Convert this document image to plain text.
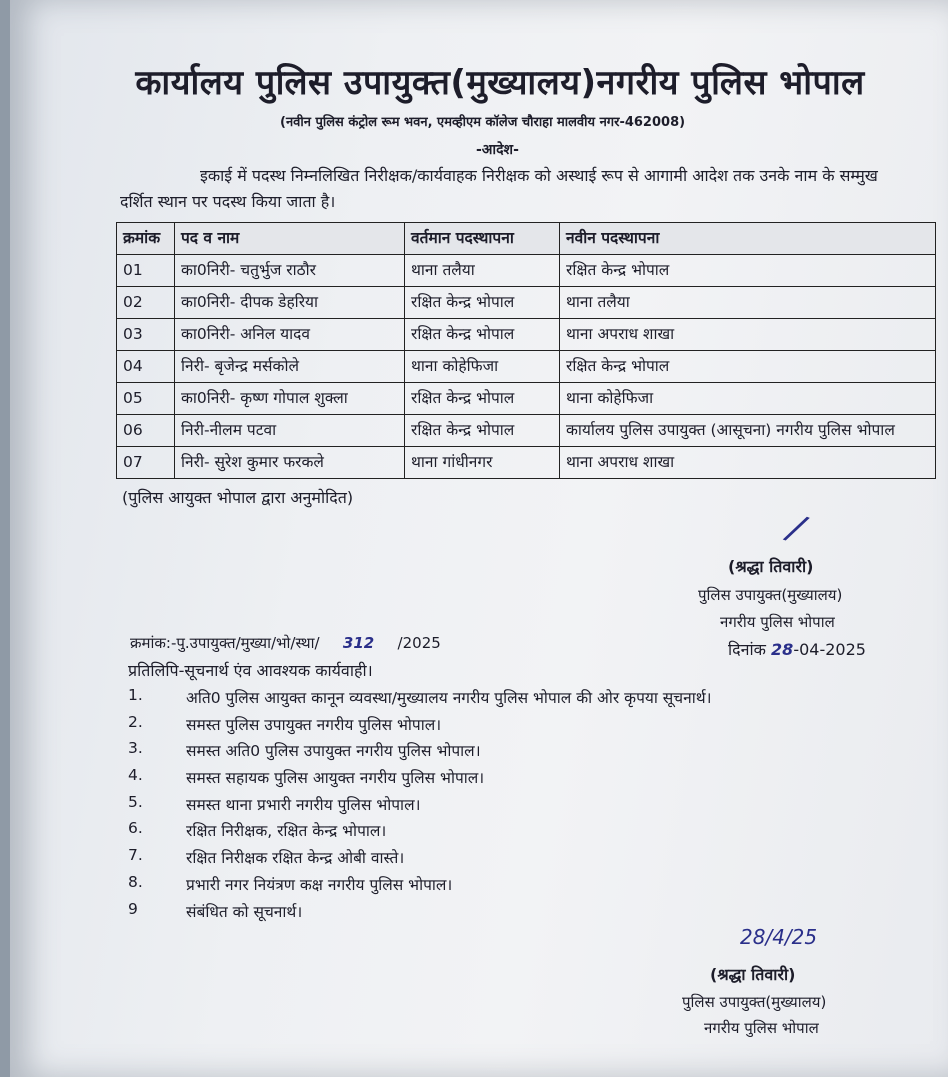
कार्यालय पुलिस उपायुक्त(मुख्यालय)नगरीय पुलिस भोपाल
(नवीन पुलिस कंट्रोल रूम भवन, एमव्हीएम कॉलेज चौराहा मालवीय नगर-462008)
-आदेश-
इकाई में पदस्थ निम्नलिखित निरीक्षक/कार्यवाहक निरीक्षक को अस्थाई रूप से आगामी आदेश तक उनके नाम के सम्मुख दर्शित स्थान पर पदस्थ किया जाता है।
क्रमांक	पद व नाम	वर्तमान पदस्थापना	नवीन पदस्थापना
01	का0निरी- चतुर्भुज राठौर	थाना तलैया	रक्षित केन्द्र भोपाल
02	का0निरी- दीपक डेहरिया	रक्षित केन्द्र भोपाल	थाना तलैया
03	का0निरी- अनिल यादव	रक्षित केन्द्र भोपाल	थाना अपराध शाखा
04	निरी- बृजेन्द्र मर्सकोले	थाना कोहेफिजा	रक्षित केन्द्र भोपाल
05	का0निरी- कृष्ण गोपाल शुक्ला	रक्षित केन्द्र भोपाल	थाना कोहेफिजा
06	निरी-नीलम पटवा	रक्षित केन्द्र भोपाल	कार्यालय पुलिस उपायुक्त (आसूचना) नगरीय पुलिस भोपाल
07	निरी- सुरेश कुमार फरकले	थाना गांधीनगर	थाना अपराध शाखा
(पुलिस आयुक्त भोपाल द्वारा अनुमोदित)
/
(श्रद्धा तिवारी)
पुलिस उपायुक्त(मुख्यालय)
नगरीय पुलिस भोपाल
क्रमांक:-पु.उपायुक्त/मुख्या/भो/स्था/ 312 /2025	दिनांक 28-04-2025
प्रतिलिपि-सूचनार्थ एंव आवश्यक कार्यवाही।
1.	अति0 पुलिस आयुक्त कानून व्यवस्था/मुख्यालय नगरीय पुलिस भोपाल की ओर कृपया सूचनार्थ।
2.	समस्त पुलिस उपायुक्त नगरीय पुलिस भोपाल।
3.	समस्त अति0 पुलिस उपायुक्त नगरीय पुलिस भोपाल।
4.	समस्त सहायक पुलिस आयुक्त नगरीय पुलिस भोपाल।
5.	समस्त थाना प्रभारी नगरीय पुलिस भोपाल।
6.	रक्षित निरीक्षक, रक्षित केन्द्र भोपाल।
7.	रक्षित निरीक्षक रक्षित केन्द्र ओबी वास्ते।
8.	प्रभारी नगर नियंत्रण कक्ष नगरीय पुलिस भोपाल।
9	संबंधित को सूचनार्थ।
28/4/25
(श्रद्धा तिवारी)
पुलिस उपायुक्त(मुख्यालय)
नगरीय पुलिस भोपाल
